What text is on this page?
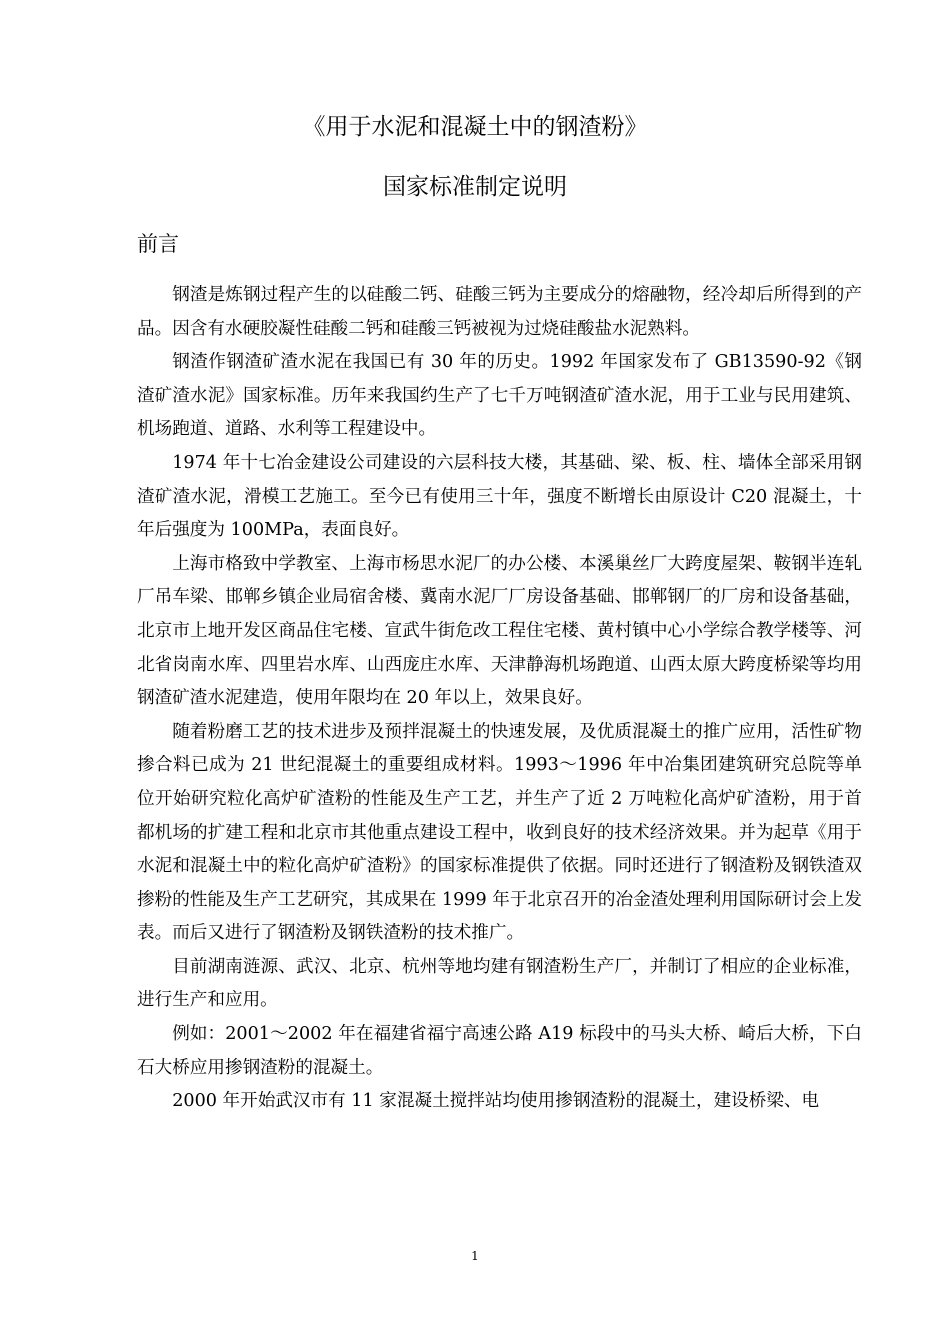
《用于水泥和混凝土中的钢渣粉》
国家标准制定说明
前言

钢渣是炼钢过程产生的以硅酸二钙、硅酸三钙为主要成分的熔融物，经冷却后所得到的产品。因含有水硬胶凝性硅酸二钙和硅酸三钙被视为过烧硅酸盐水泥熟料。

钢渣作钢渣矿渣水泥在我国已有 30 年的历史。1992 年国家发布了 GB13590-92《钢渣矿渣水泥》国家标准。历年来我国约生产了七千万吨钢渣矿渣水泥，用于工业与民用建筑、机场跑道、道路、水利等工程建设中。

1974 年十七冶金建设公司建设的六层科技大楼，其基础、梁、板、柱、墙体全部采用钢渣矿渣水泥，滑模工艺施工。至今已有使用三十年，强度不断增长由原设计 C20 混凝土，十年后强度为 100MPa，表面良好。

上海市格致中学教室、上海市杨思水泥厂的办公楼、本溪巢丝厂大跨度屋架、鞍钢半连轧厂吊车梁、邯郸乡镇企业局宿舍楼、冀南水泥厂厂房设备基础、邯郸钢厂的厂房和设备基础，北京市上地开发区商品住宅楼、宣武牛街危改工程住宅楼、黄村镇中心小学综合教学楼等、河北省岗南水库、四里岩水库、山西庞庄水库、天津静海机场跑道、山西太原大跨度桥梁等均用钢渣矿渣水泥建造，使用年限均在 20 年以上，效果良好。

随着粉磨工艺的技术进步及预拌混凝土的快速发展，及优质混凝土的推广应用，活性矿物掺合料已成为 21 世纪混凝土的重要组成材料。1993～1996 年中冶集团建筑研究总院等单位开始研究粒化高炉矿渣粉的性能及生产工艺，并生产了近 2 万吨粒化高炉矿渣粉，用于首都机场的扩建工程和北京市其他重点建设工程中，收到良好的技术经济效果。并为起草《用于水泥和混凝土中的粒化高炉矿渣粉》的国家标准提供了依据。同时还进行了钢渣粉及钢铁渣双掺粉的性能及生产工艺研究，其成果在 1999 年于北京召开的冶金渣处理利用国际研讨会上发表。而后又进行了钢渣粉及钢铁渣粉的技术推广。

目前湖南涟源、武汉、北京、杭州等地均建有钢渣粉生产厂，并制订了相应的企业标准，进行生产和应用。

例如：2001～2002 年在福建省福宁高速公路 A19 标段中的马头大桥、崎后大桥，下白石大桥应用掺钢渣粉的混凝土。

2000 年开始武汉市有 11 家混凝土搅拌站均使用掺钢渣粉的混凝土，建设桥梁、电

1
